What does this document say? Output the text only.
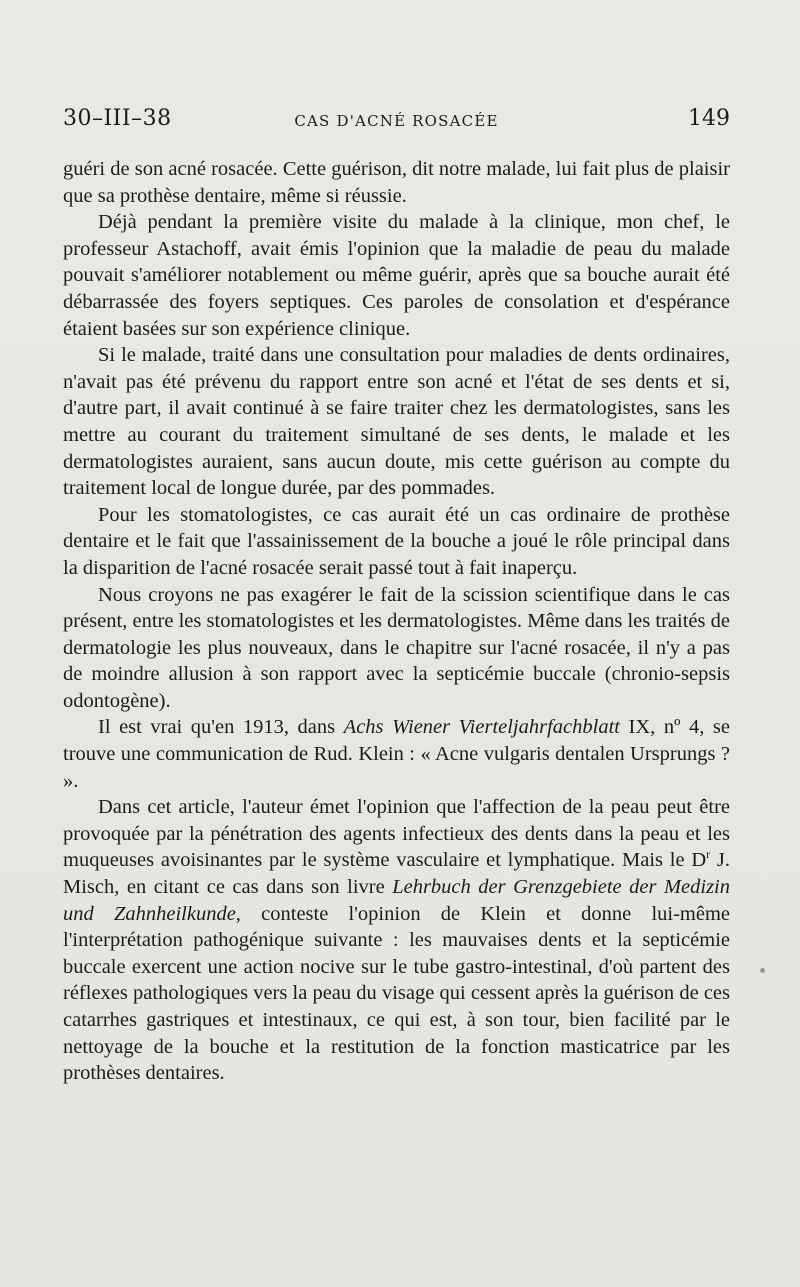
30–III–38	CAS D'ACNÉ ROSACÉE	149

guéri de son acné rosacée. Cette guérison, dit notre malade, lui fait plus de plaisir que sa prothèse dentaire, même si réussie.

Déjà pendant la première visite du malade à la clinique, mon chef, le professeur Astachoff, avait émis l'opinion que la maladie de peau du malade pouvait s'améliorer notablement ou même guérir, après que sa bouche aurait été débarrassée des foyers septiques. Ces paroles de consolation et d'espérance étaient basées sur son expérience clinique.

Si le malade, traité dans une consultation pour maladies de dents ordinaires, n'avait pas été prévenu du rapport entre son acné et l'état de ses dents et si, d'autre part, il avait continué à se faire traiter chez les dermatologistes, sans les mettre au courant du traitement simultané de ses dents, le malade et les dermatologistes auraient, sans aucun doute, mis cette guérison au compte du traitement local de longue durée, par des pommades.

Pour les stomatologistes, ce cas aurait été un cas ordinaire de prothèse dentaire et le fait que l'assainissement de la bouche a joué le rôle principal dans la disparition de l'acné rosacée serait passé tout à fait inaperçu.

Nous croyons ne pas exagérer le fait de la scission scientifique dans le cas présent, entre les stomatologistes et les dermatologistes. Même dans les traités de dermatologie les plus nouveaux, dans le chapitre sur l'acné rosacée, il n'y a pas de moindre allusion à son rapport avec la septicémie buccale (chronio-sepsis odontogène).

Il est vrai qu'en 1913, dans Achs Wiener Vierteljahrfachblatt IX, nº 4, se trouve une communication de Rud. Klein : « Acne vulgaris dentalen Ursprungs ? ».

Dans cet article, l'auteur émet l'opinion que l'affection de la peau peut être provoquée par la pénétration des agents infectieux des dents dans la peau et les muqueuses avoisinantes par le système vasculaire et lymphatique. Mais le $D^r$ J. Misch, en citant ce cas dans son livre Lehrbuch der Grenzgebiete der Medizin und Zahnheilkunde, conteste l'opinion de Klein et donne lui-même l'interprétation pathogénique suivante : les mauvaises dents et la septicémie buccale exercent une action nocive sur le tube gastro-intestinal, d'où partent des réflexes pathologiques vers la peau du visage qui cessent après la guérison de ces catarrhes gastriques et intestinaux, ce qui est, à son tour, bien facilité par le nettoyage de la bouche et la restitution de la fonction masticatrice par les prothèses dentaires.
